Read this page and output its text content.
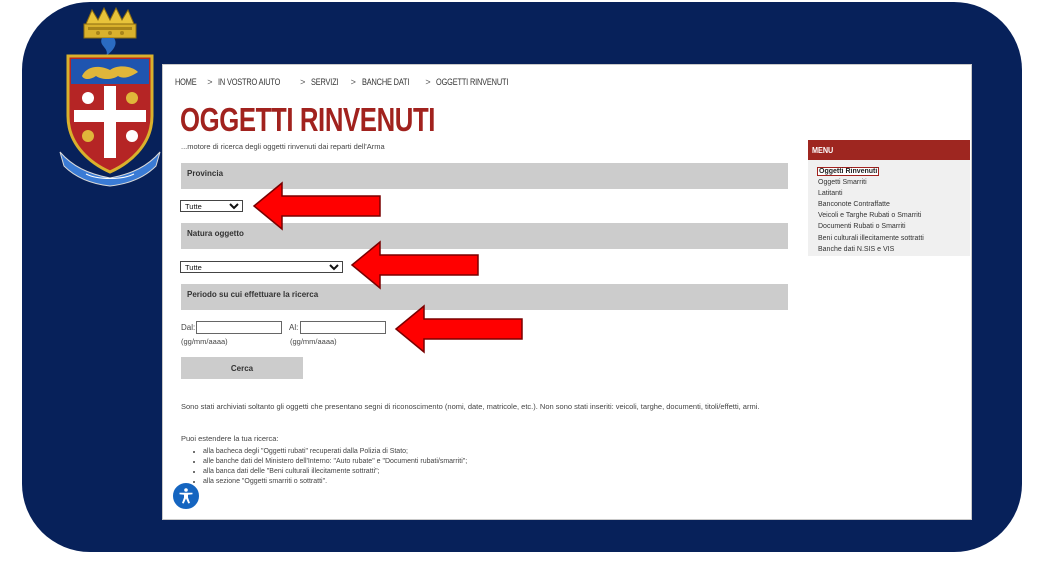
HOME > IN VOSTRO AIUTO > SERVIZI > BANCHE DATI > OGGETTI RINVENUTI
OGGETTI RINVENUTI
...motore di ricerca degli oggetti rinvenuti dai reparti dell'Arma
Provincia
Tutte
Natura oggetto
Tutte
Periodo su cui effettuare la ricerca
Dal:
(gg/mm/aaaa)
Al:
(gg/mm/aaaa)
Cerca
Sono stati archiviati soltanto gli oggetti che presentano segni di riconoscimento (nomi, date, matricole, etc.). Non sono stati inseriti: veicoli, targhe, documenti, titoli/effetti, armi.
Puoi estendere la tua ricerca:
• alla bacheca degli "Oggetti rubati" recuperati dalla Polizia di Stato;
• alle banche dati del Ministero dell'Interno: "Auto rubate" e "Documenti rubati/smarriti";
• alla banca dati delle "Beni culturali illecitamente sottratti";
• alla sezione "Oggetti smarriti o sottratti".
MENU
Oggetti Rinvenuti
Oggetti Smarriti
Latitanti
Banconote Contraffatte
Veicoli e Targhe Rubati o Smarriti
Documenti Rubati o Smarriti
Beni culturali illecitamente sottratti
Banche dati N.SIS e VIS
